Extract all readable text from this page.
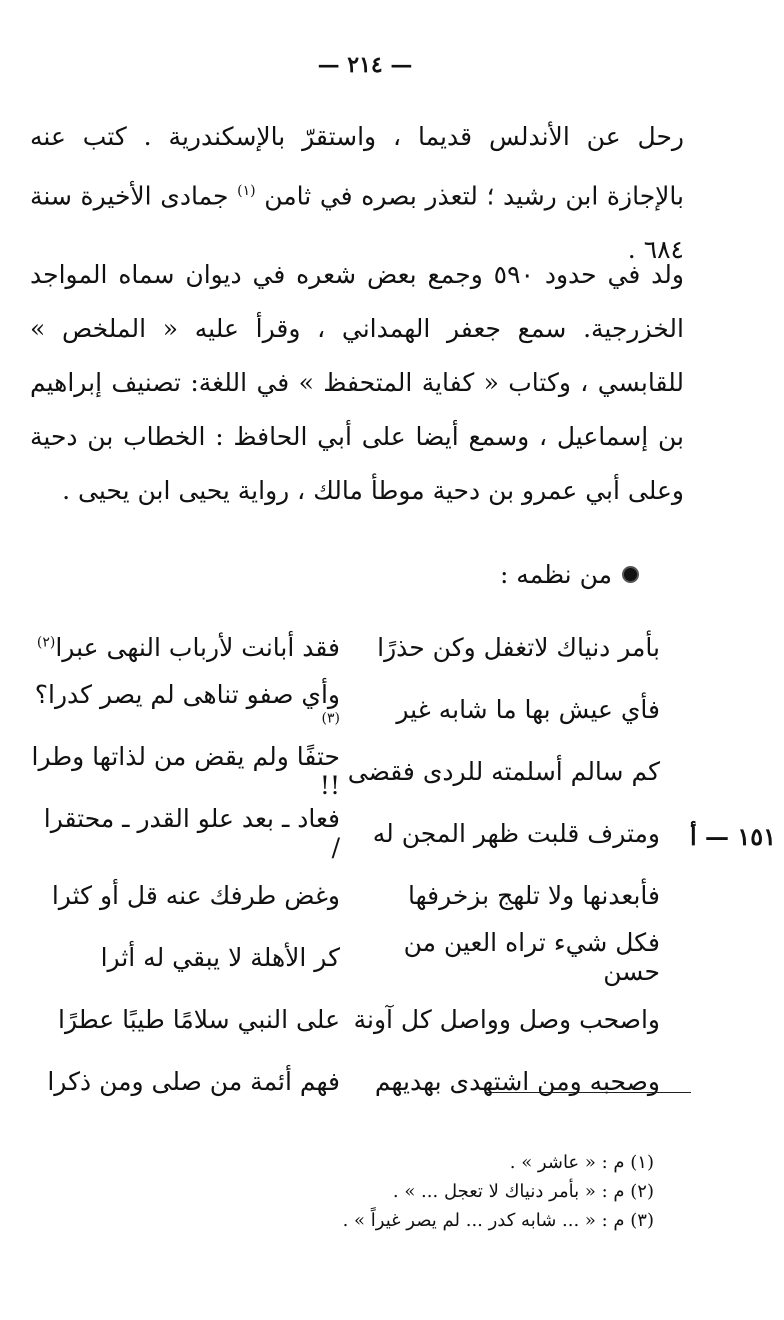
— ٢١٤ —

رحل عن الأندلس قديما ، واستقرّ بالإسكندرية . كتب عنه بالإجازة ابن رشيد ؛ لتعذر بصره في ثامن $^{(١)}$ جمادى الأخيرة سنة ٦٨٤ .

ولد في حدود ٥٩٠ وجمع بعض شعره في ديوان سماه المواجد الخزرجية. سمع جعفر الهمداني ، وقرأ عليه « الملخص » للقابسي ، وكتاب « كفاية المتحفظ » في اللغة: تصنيف إبراهيم بن إسماعيل ، وسمع أيضا على أبي الحافظ : الخطاب بن دحية وعلى أبي عمرو بن دحية موطأ مالك ، رواية يحيى ابن يحيى .

من نظمه :
بأمر دنياك لاتغفل وكن حذرًا
فقد أبانت لأرباب النهى عبرا$^{(٢)}$
فأي عيش بها ما شابه غير
وأي صفو تناهى لم يصر كدرا؟$^{(٣)}$
كم سالم أسلمته للردى فقضى
حتفًا ولم يقض من لذاتها وطرا !!
ومترف قلبت ظهر المجن له
فعاد ـ بعد علو القدر ـ محتقرا /
فأبعدنها ولا تلهج بزخرفها
وغض طرفك عنه قل أو كثرا
فكل شيء تراه العين من حسن
كر الأهلة لا يبقي له أثرا
واصحب وصل وواصل كل آونة
على النبي سلامًا طيبًا عطرًا
وصحبه ومن اشتهدى بهديهم
فهم أئمة من صلى ومن ذكرا
١٥١ — أ
(١) م : « عاشر » .
(٢) م : « بأمر دنياك لا تعجل ... » .
(٣) م : « ... شابه كدر ... لم يصر غيراً » .
